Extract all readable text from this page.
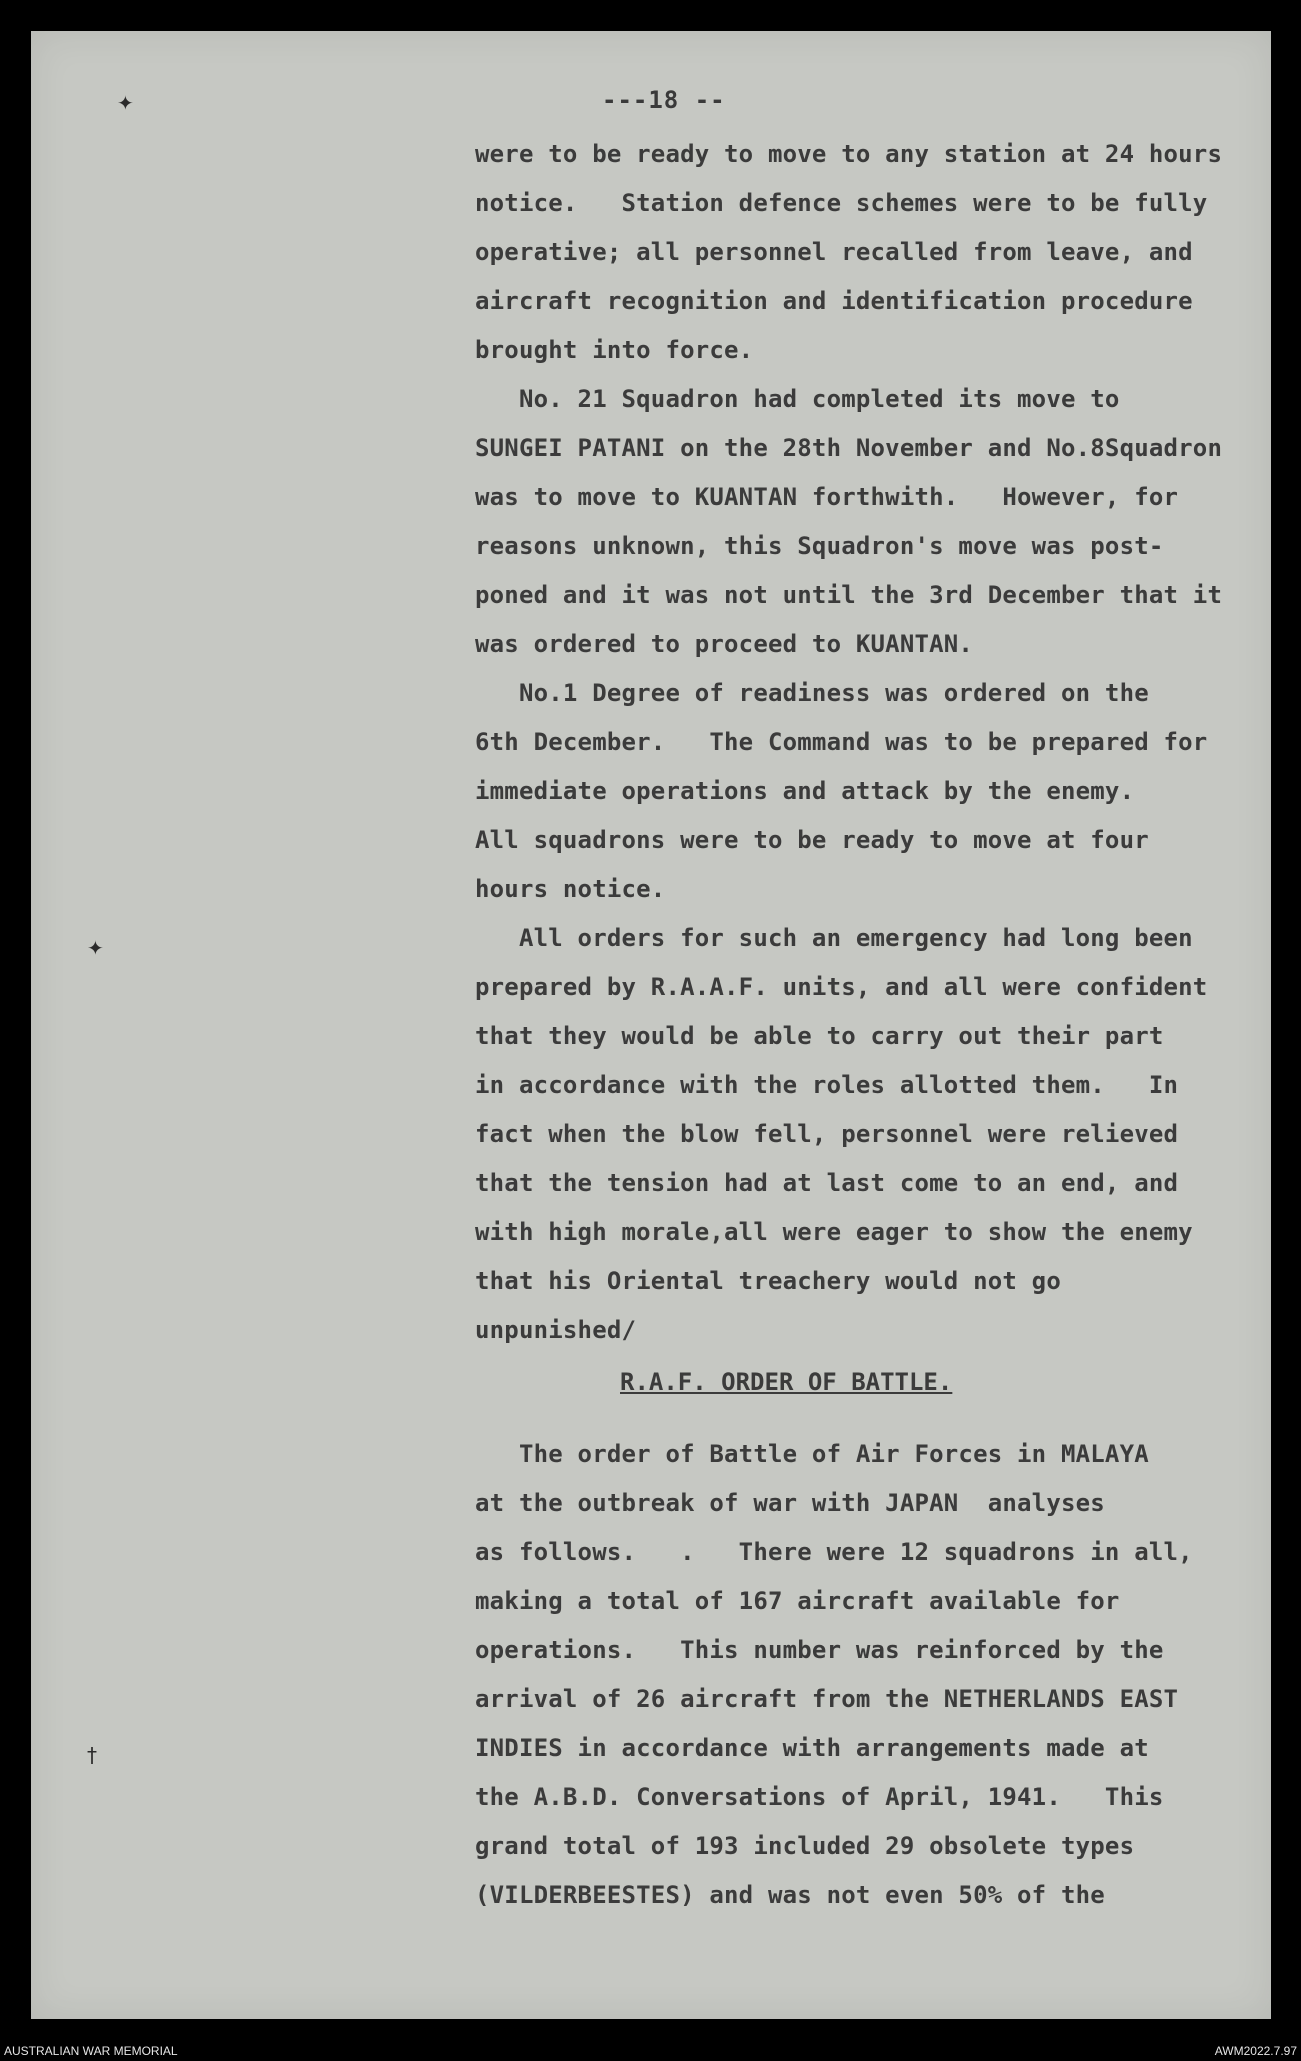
✦
✦
†
---18 --
were to be ready to move to any station at 24 hours
notice.   Station defence schemes were to be fully
operative; all personnel recalled from leave, and
aircraft recognition and identification procedure
brought into force.
No. 21 Squadron had completed its move to
SUNGEI PATANI on the 28th November and No.8Squadron
was to move to KUANTAN forthwith.   However, for
reasons unknown, this Squadron's move was post-
poned and it was not until the 3rd December that it
was ordered to proceed to KUANTAN.
No.1 Degree of readiness was ordered on the
6th December.   The Command was to be prepared for
immediate operations and attack by the enemy.
All squadrons were to be ready to move at four
hours notice.
All orders for such an emergency had long been
prepared by R.A.A.F. units, and all were confident
that they would be able to carry out their part
in accordance with the roles allotted them.   In
fact when the blow fell, personnel were relieved
that the tension had at last come to an end, and
with high morale,all were eager to show the enemy
that his Oriental treachery would not go
unpunished/
R.A.F. ORDER OF BATTLE.
The order of Battle of Air Forces in MALAYA
at the outbreak of war with JAPAN  analyses
as follows.   .   There were 12 squadrons in all,
making a total of 167 aircraft available for
operations.   This number was reinforced by the
arrival of 26 aircraft from the NETHERLANDS EAST
INDIES in accordance with arrangements made at
the A.B.D. Conversations of April, 1941.   This
grand total of 193 included 29 obsolete types
(VILDERBEESTES) and was not even 50% of the
AUSTRALIAN WAR MEMORIAL	AWM2022.7.97
